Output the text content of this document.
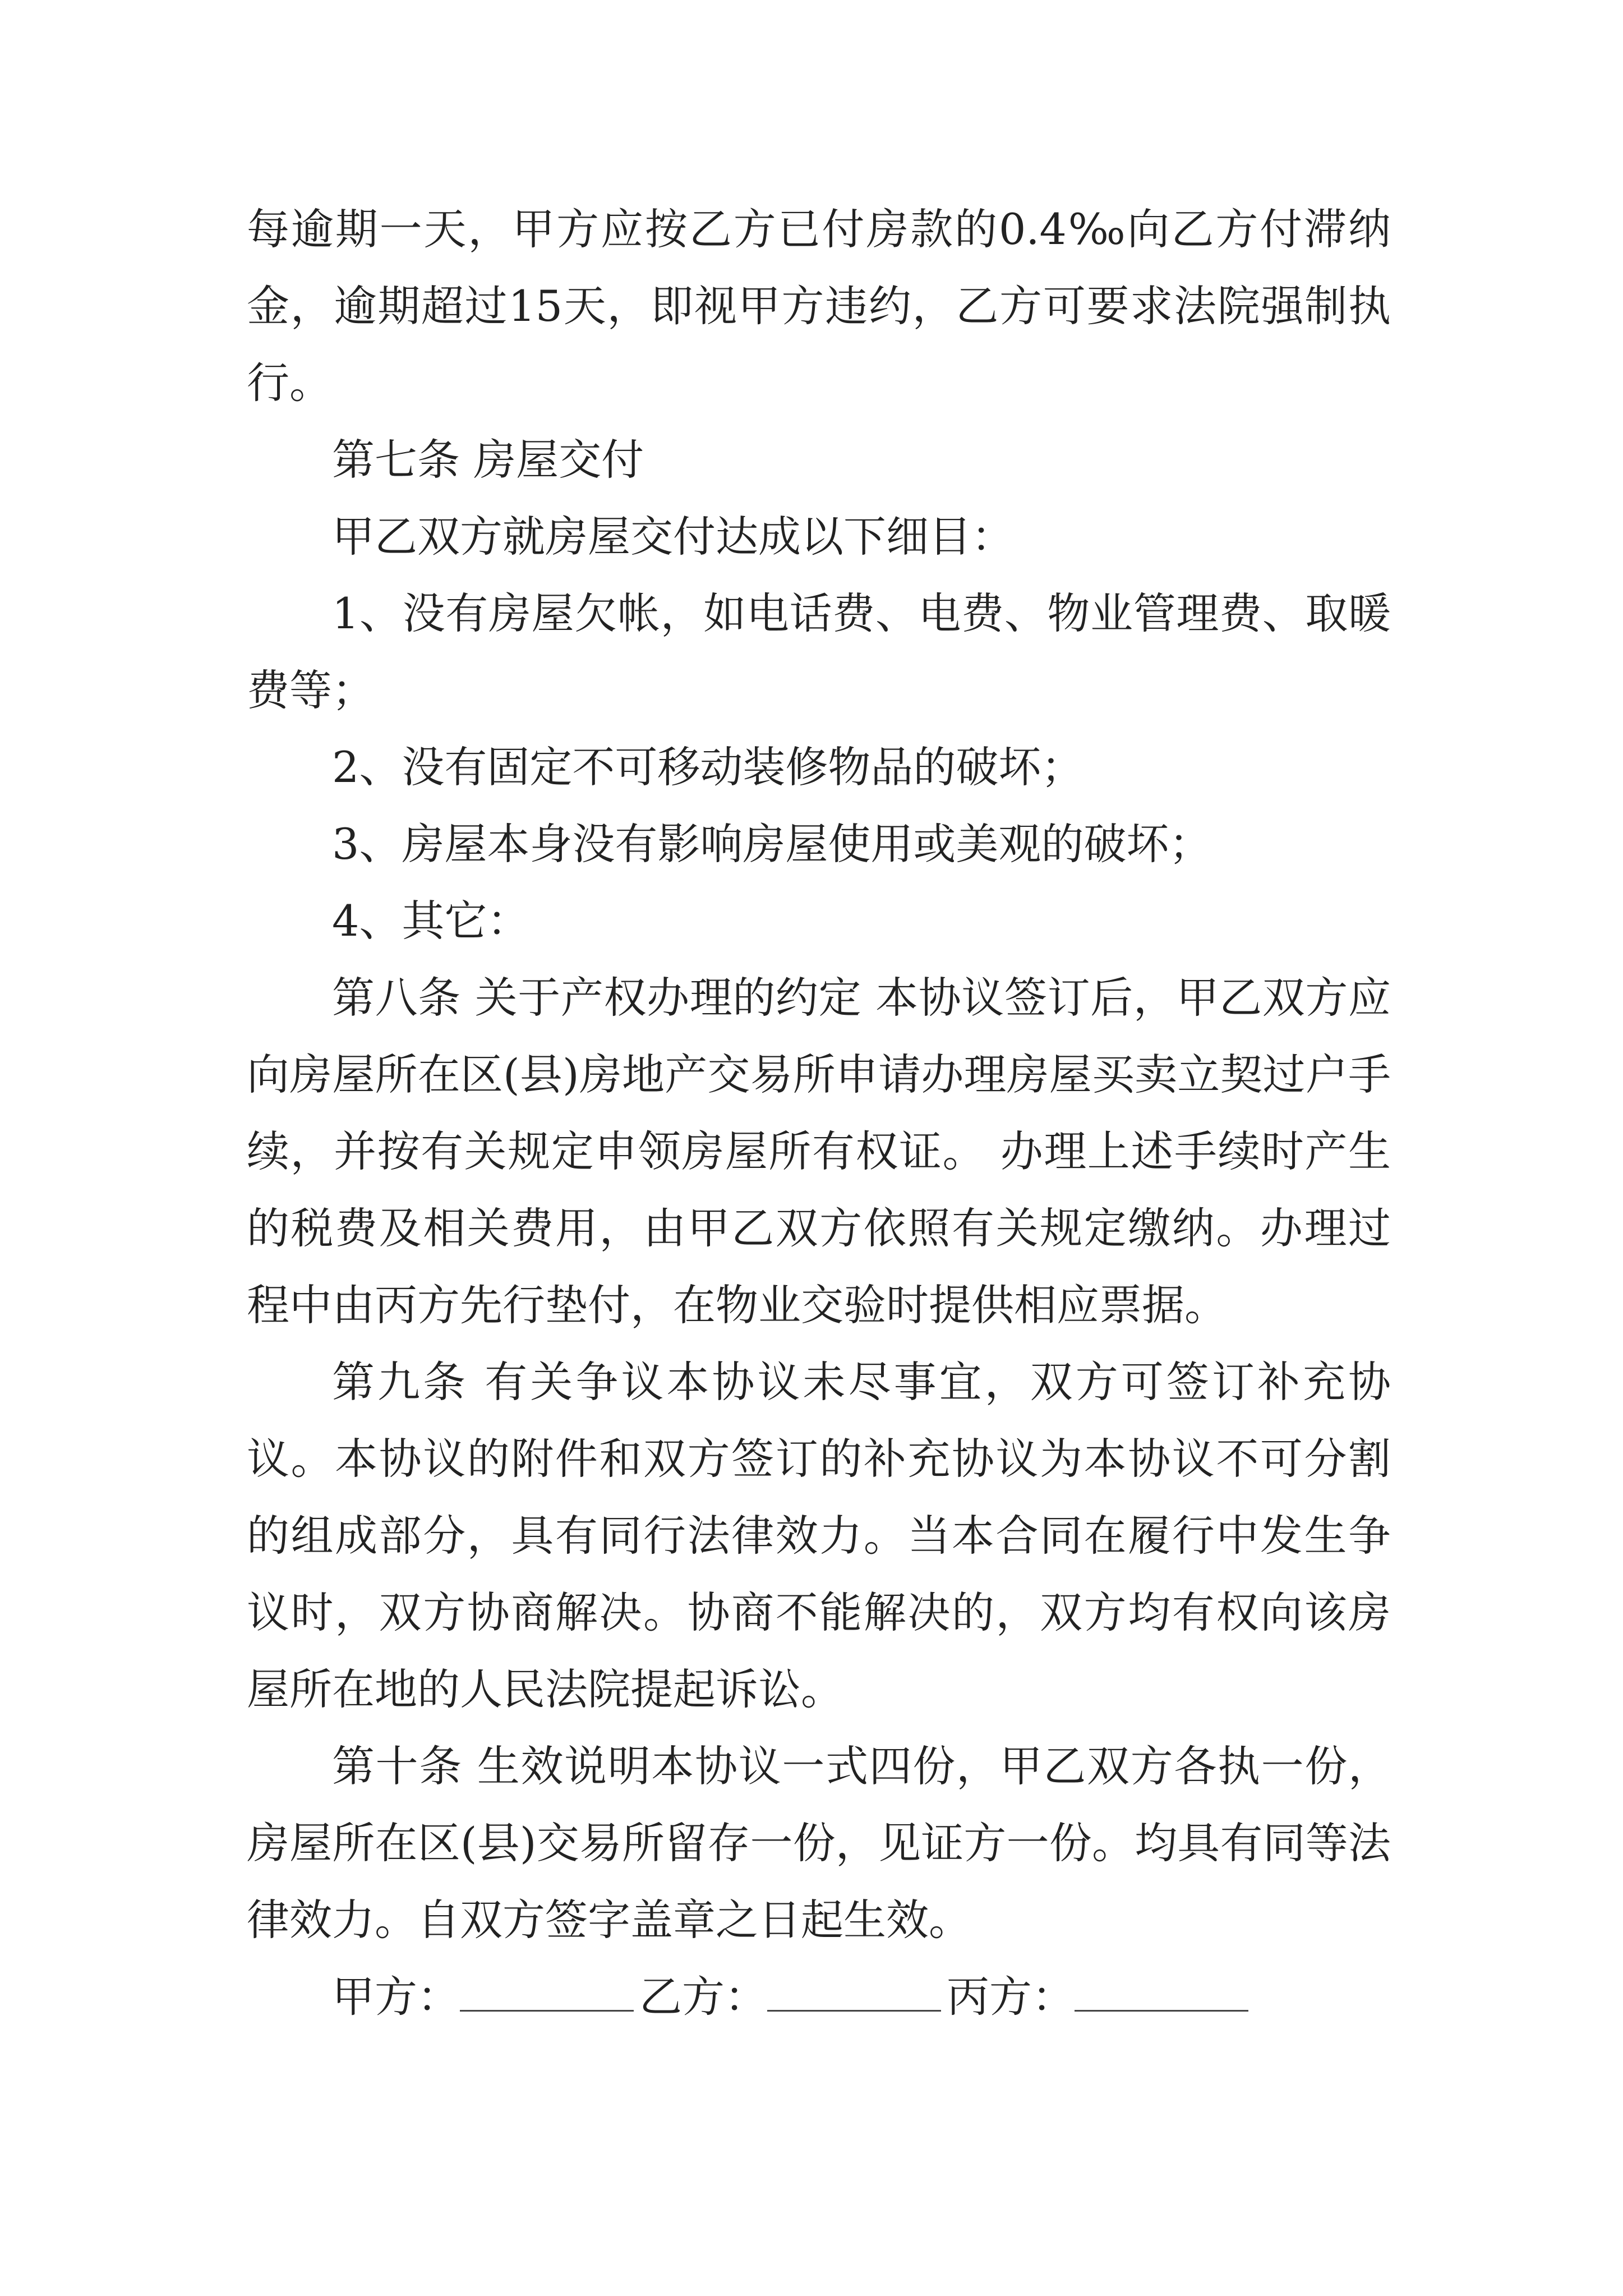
每逾期一天，甲方应按乙方已付房款的0.4‰向乙方付滞纳金，逾期超过15天，即视甲方违约，乙方可要求法院强制执行。

第七条 房屋交付

甲乙双方就房屋交付达成以下细目：

1、没有房屋欠帐，如电话费、电费、物业管理费、取暖费等；

2、没有固定不可移动装修物品的破坏；

3、房屋本身没有影响房屋使用或美观的破坏；

4、其它：

第八条 关于产权办理的约定 本协议签订后，甲乙双方应向房屋所在区(县)房地产交易所申请办理房屋买卖立契过户手续，并按有关规定申领房屋所有权证。 办理上述手续时产生的税费及相关费用，由甲乙双方依照有关规定缴纳。办理过程中由丙方先行垫付，在物业交验时提供相应票据。

第九条 有关争议本协议未尽事宜，双方可签订补充协议。本协议的附件和双方签订的补充协议为本协议不可分割的组成部分，具有同行法律效力。当本合同在履行中发生争议时，双方协商解决。协商不能解决的，双方均有权向该房屋所在地的人民法院提起诉讼。

第十条 生效说明本协议一式四份，甲乙双方各执一份，房屋所在区(县)交易所留存一份，见证方一份。均具有同等法律效力。自双方签字盖章之日起生效。

甲方：	乙方：	丙方：
